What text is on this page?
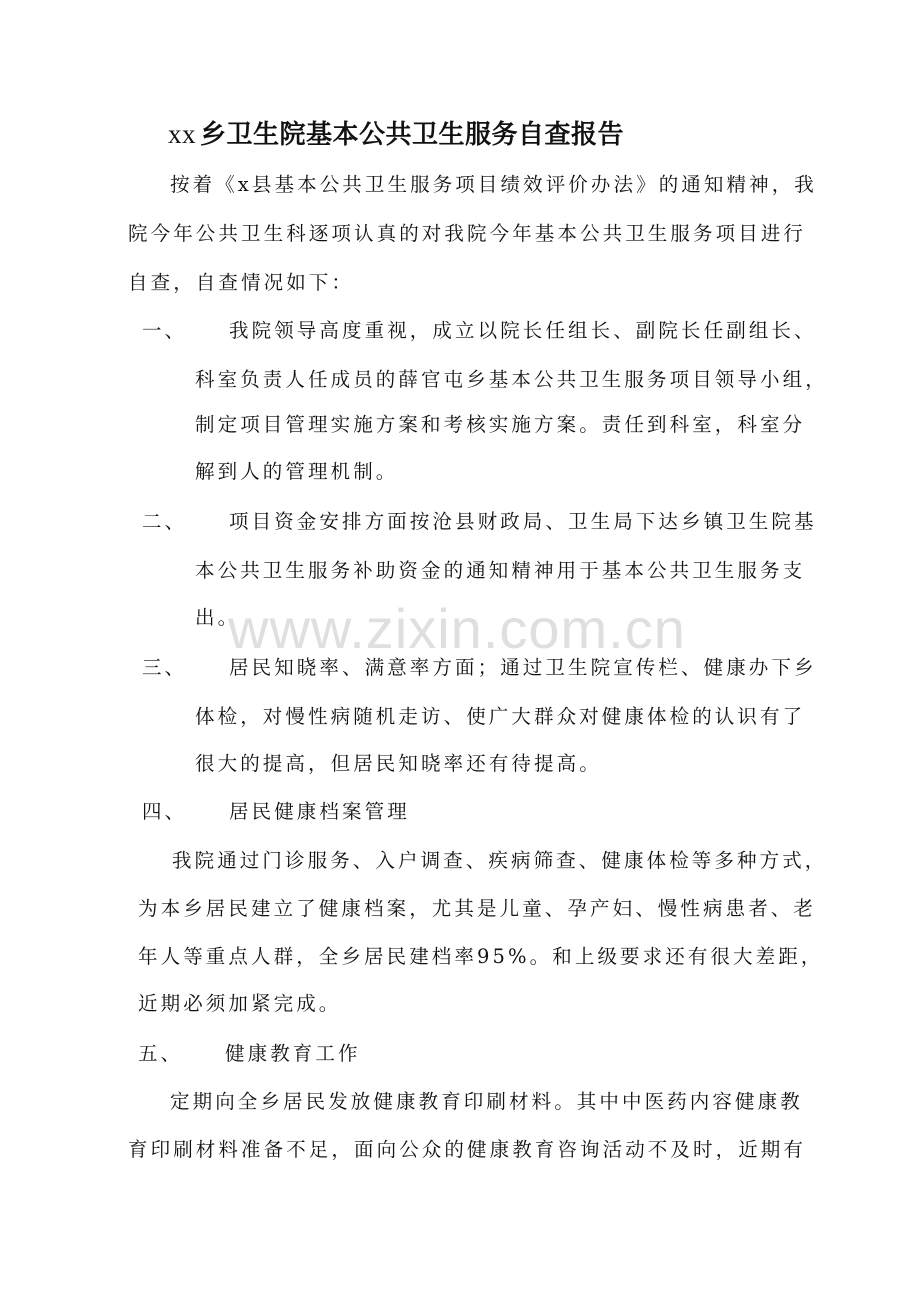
xx 乡卫生院基本公共卫生服务自查报告
按着《x县基本公共卫生服务项目绩效评价办法》的通知精神，我
院今年公共卫生科逐项认真的对我院今年基本公共卫生服务项目进行
自查，自查情况如下：
一、 我院领导高度重视，成立以院长任组长、副院长任副组长、
科室负责人任成员的薛官屯乡基本公共卫生服务项目领导小组，
制定项目管理实施方案和考核实施方案。责任到科室，科室分
解到人的管理机制。
二、 项目资金安排方面按沧县财政局、卫生局下达乡镇卫生院基
本公共卫生服务补助资金的通知精神用于基本公共卫生服务支
出。
三、 居民知晓率、满意率方面；通过卫生院宣传栏、健康办下乡
体检，对慢性病随机走访、使广大群众对健康体检的认识有了
很大的提高，但居民知晓率还有待提高。
四、 居民健康档案管理
我院通过门诊服务、入户调查、疾病筛查、健康体检等多种方式，
为本乡居民建立了健康档案，尤其是儿童、孕产妇、慢性病患者、老
年人等重点人群，全乡居民建档率95%。和上级要求还有很大差距，
近期必须加紧完成。
五、 健康教育工作
定期向全乡居民发放健康教育印刷材料。其中中医药内容健康教
育印刷材料准备不足，面向公众的健康教育咨询活动不及时，近期有
www.zixin.com.cn
